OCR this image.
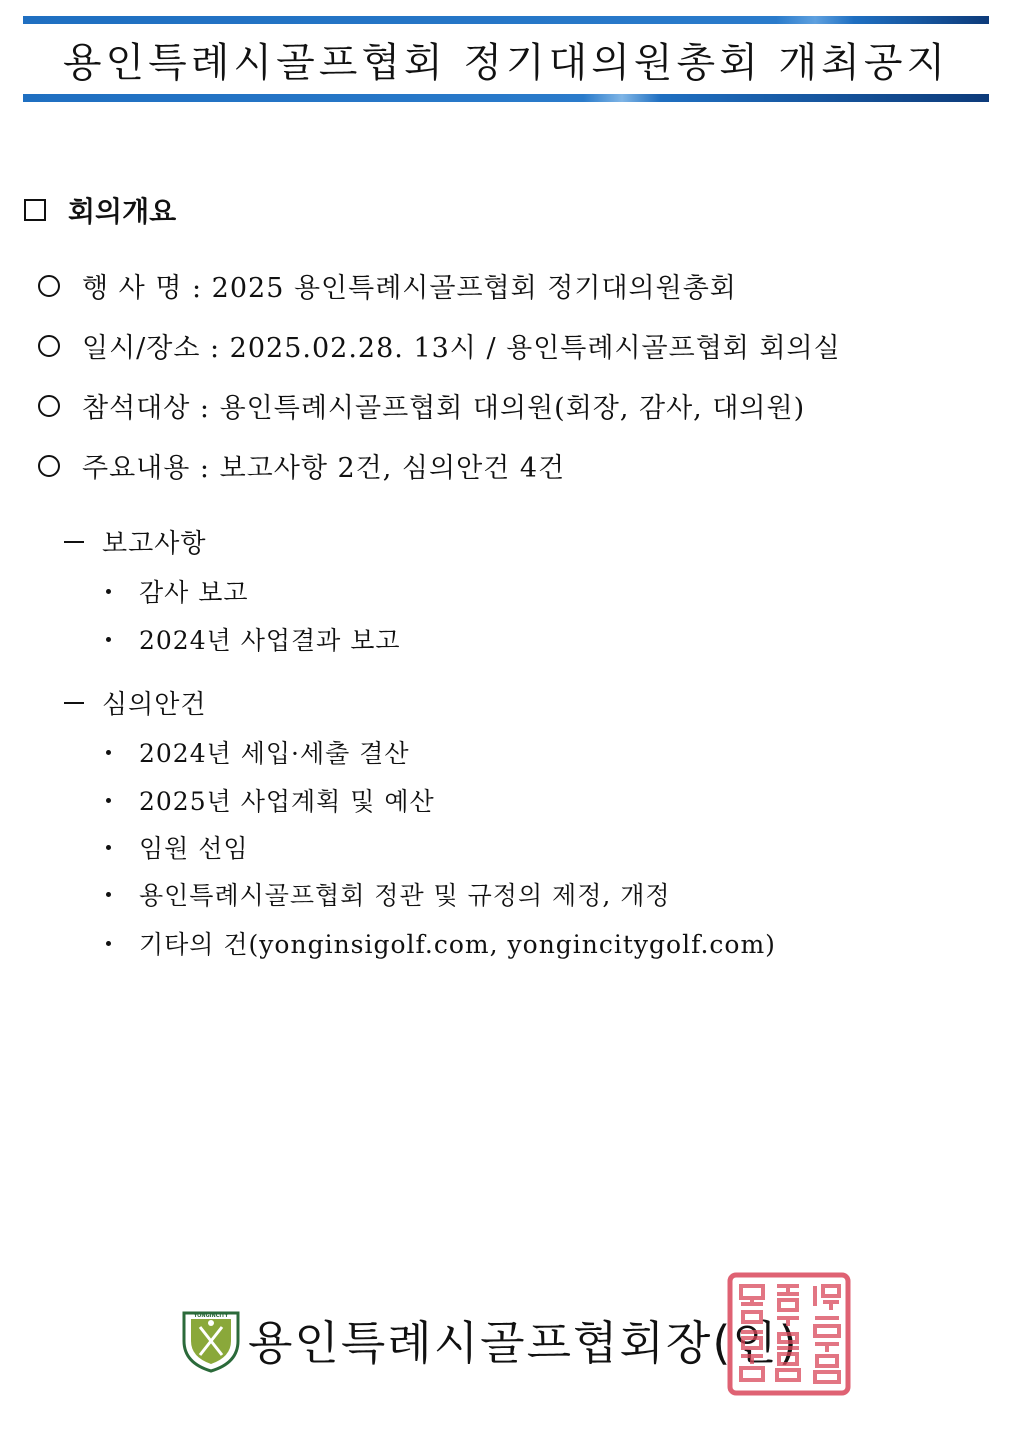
용인특례시골프협회 정기대의원총회 개최공지
회의개요
행 사 명 : 2025 용인특례시골프협회 정기대의원총회
일시/장소 : 2025.02.28. 13시 / 용인특례시골프협회 회의실
참석대상 : 용인특례시골프협회 대의원(회장, 감사, 대의원)
주요내용 : 보고사항 2건, 심의안건 4건
보고사항
감사 보고
2024년 사업결과 보고
심의안건
2024년 세입·세출 결산
2025년 사업계획 및 예산
임원 선임
용인특례시골프협회 정관 및 규정의 제정, 개정
기타의 건(yonginsigolf.com, yongincitygolf.com)
YONGINCITY 용인특례시골프협회장(인)
